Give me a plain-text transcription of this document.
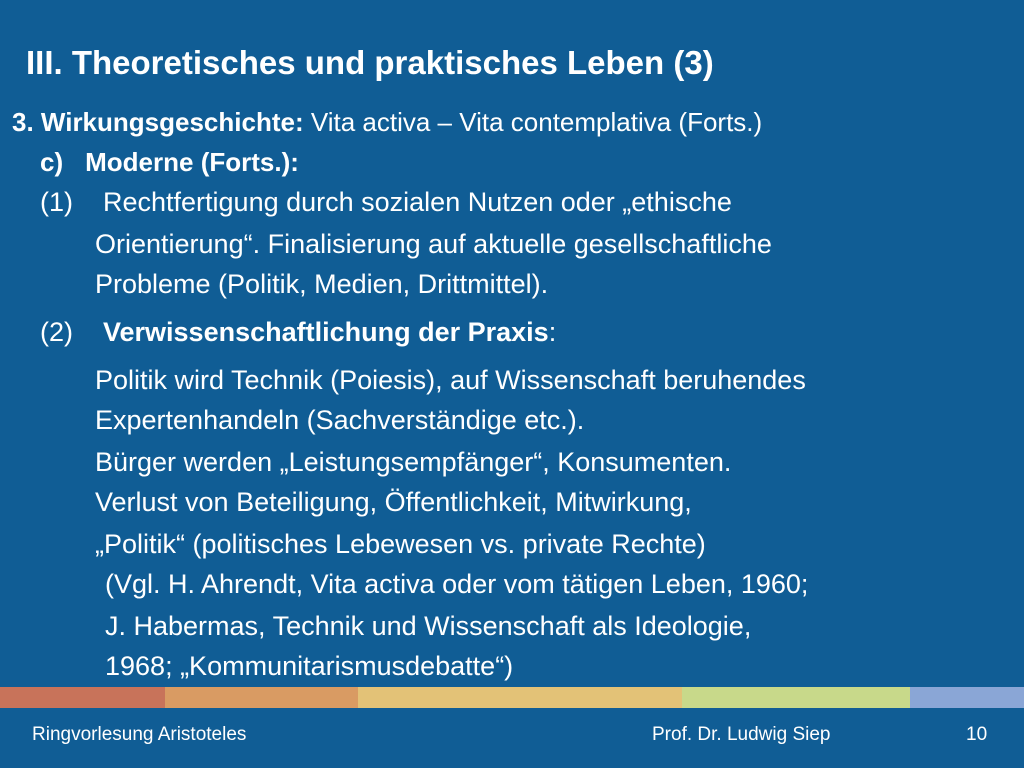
III. Theoretisches und praktisches Leben (3)
3. Wirkungsgeschichte: Vita activa – Vita contemplativa (Forts.)
c) Moderne (Forts.):
(1) Rechtfertigung durch sozialen Nutzen oder „ethische
Orientierung“. Finalisierung auf aktuelle gesellschaftliche
Probleme (Politik, Medien, Drittmittel).
(2) Verwissenschaftlichung der Praxis:
Politik wird Technik (Poiesis), auf Wissenschaft beruhendes
Expertenhandeln (Sachverständige etc.).
Bürger werden „Leistungsempfänger“, Konsumenten.
Verlust von Beteiligung, Öffentlichkeit, Mitwirkung,
„Politik“ (politisches Lebewesen vs. private Rechte)
(Vgl. H. Ahrendt, Vita activa oder vom tätigen Leben, 1960;
J. Habermas, Technik und Wissenschaft als Ideologie,
1968; „Kommunitarismusdebatte“)
Ringvorlesung Aristoteles	Prof. Dr. Ludwig Siep	10
